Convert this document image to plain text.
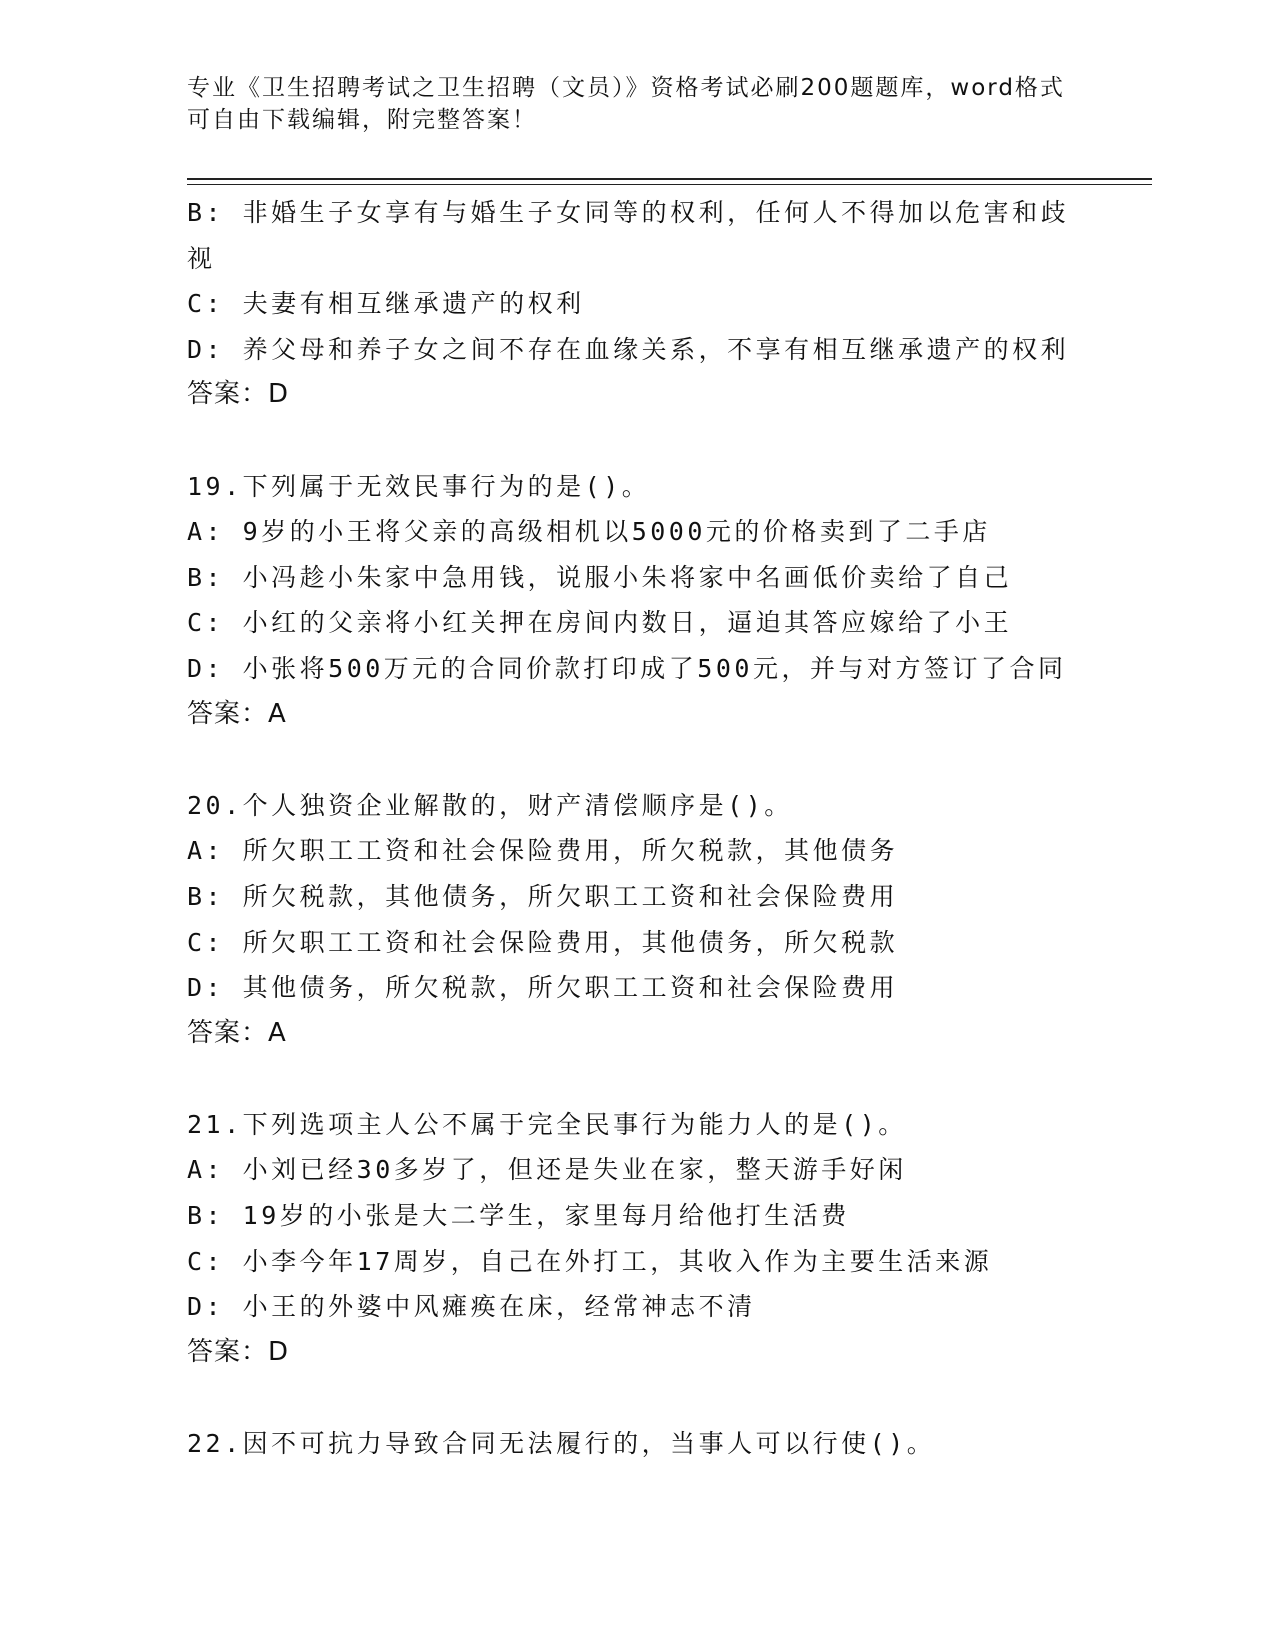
专业《卫生招聘考试之卫生招聘（文员）》资格考试必刷200题题库，word格式
可自由下载编辑，附完整答案！
B: 非婚生子女享有与婚生子女同等的权利，任何人不得加以危害和歧
视
C: 夫妻有相互继承遗产的权利
D: 养父母和养子女之间不存在血缘关系，不享有相互继承遗产的权利
答案：D
19.下列属于无效民事行为的是()。
A: 9岁的小王将父亲的高级相机以5000元的价格卖到了二手店
B: 小冯趁小朱家中急用钱，说服小朱将家中名画低价卖给了自己
C: 小红的父亲将小红关押在房间内数日，逼迫其答应嫁给了小王
D: 小张将500万元的合同价款打印成了500元，并与对方签订了合同
答案：A
20.个人独资企业解散的，财产清偿顺序是()。
A: 所欠职工工资和社会保险费用，所欠税款，其他债务
B: 所欠税款，其他债务，所欠职工工资和社会保险费用
C: 所欠职工工资和社会保险费用，其他债务，所欠税款
D: 其他债务，所欠税款，所欠职工工资和社会保险费用
答案：A
21.下列选项主人公不属于完全民事行为能力人的是()。
A: 小刘已经30多岁了，但还是失业在家，整天游手好闲
B: 19岁的小张是大二学生，家里每月给他打生活费
C: 小李今年17周岁，自己在外打工，其收入作为主要生活来源
D: 小王的外婆中风瘫痪在床，经常神志不清
答案：D
22.因不可抗力导致合同无法履行的，当事人可以行使()。
